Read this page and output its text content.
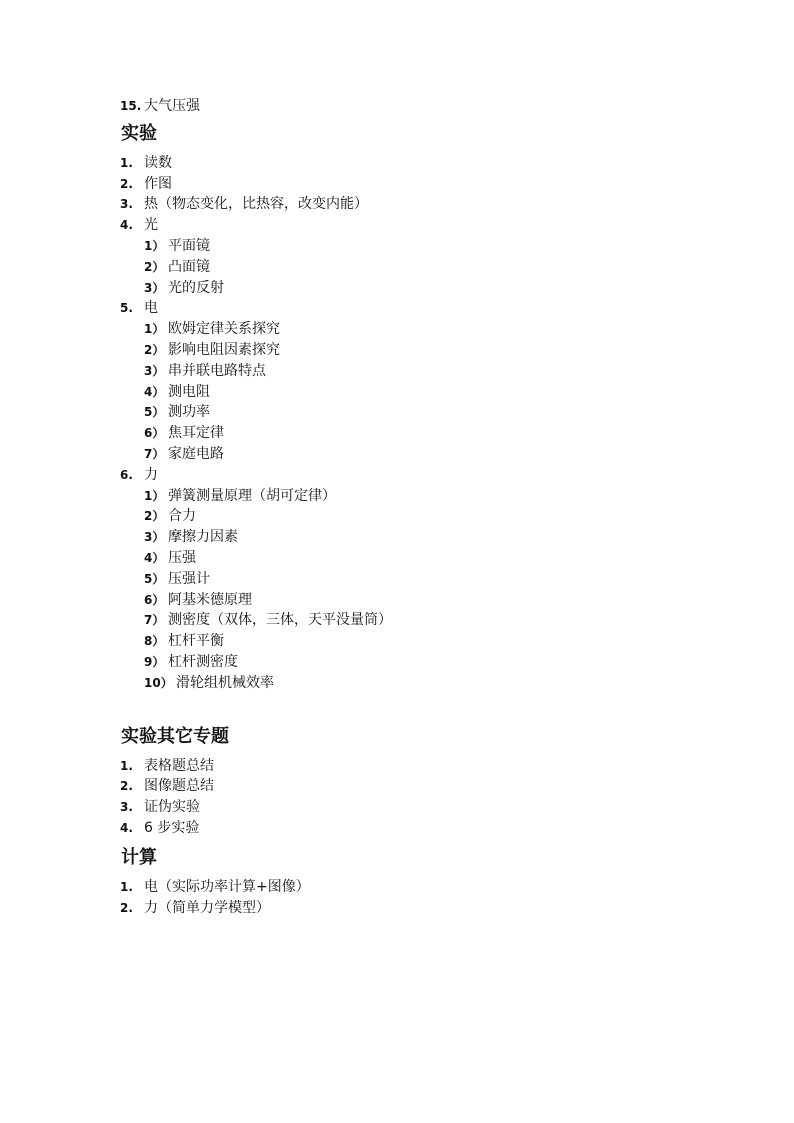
15. 大气压强
实验
1. 读数
2. 作图
3. 热（物态变化，比热容，改变内能）
4. 光
1） 平面镜
2） 凸面镜
3） 光的反射
5. 电
1） 欧姆定律关系探究
2） 影响电阻因素探究
3） 串并联电路特点
4） 测电阻
5） 测功率
6） 焦耳定律
7） 家庭电路
6. 力
1） 弹簧测量原理（胡可定律）
2） 合力
3） 摩擦力因素
4） 压强
5） 压强计
6） 阿基米德原理
7） 测密度（双体，三体，天平没量筒）
8） 杠杆平衡
9） 杠杆测密度
10） 滑轮组机械效率
实验其它专题
1. 表格题总结
2. 图像题总结
3. 证伪实验
4. 6 步实验
计算
1. 电（实际功率计算+图像）
2. 力（简单力学模型）
